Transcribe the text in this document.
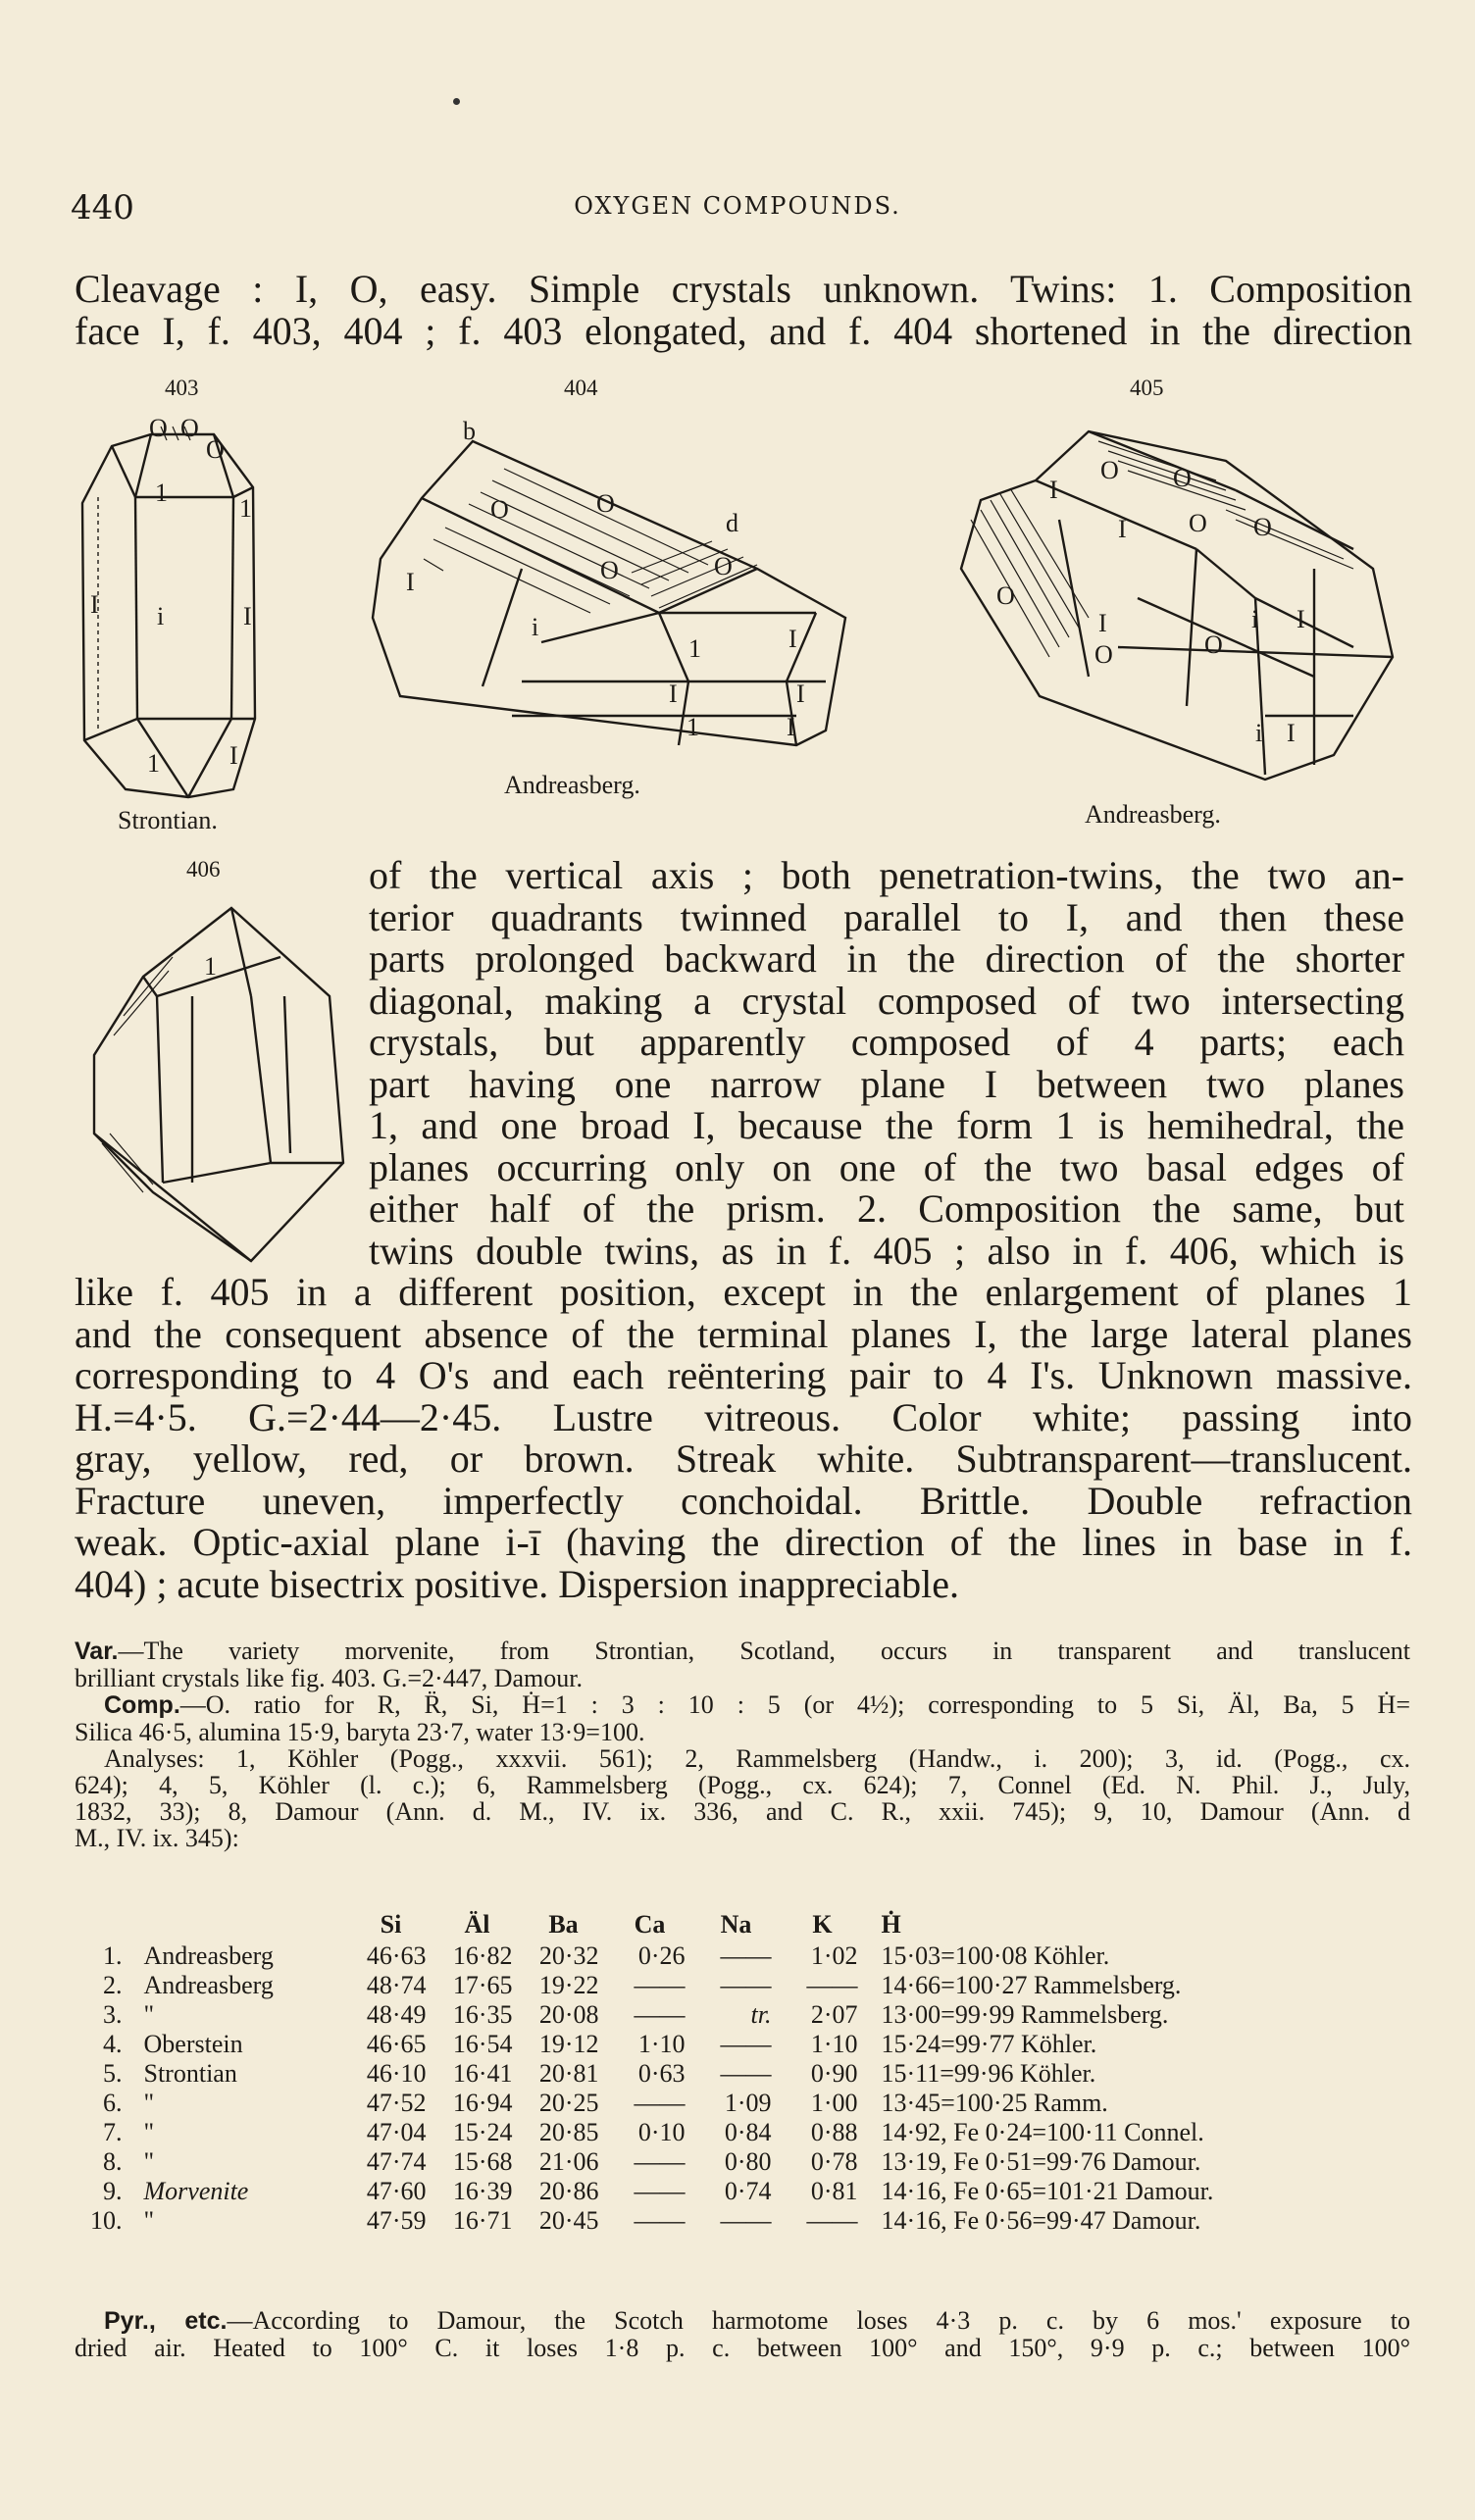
440	OXYGEN COMPOUNDS.
Cleavage : I, O, easy. Simple crystals unknown. Twins: 1. Composition
face I, f. 403, 404 ; f. 403 elongated, and f. 404 shortened in the direction
403	404	405
406
O O
O
1
1
I i	I
1	I
Strontian.
b
O	O
d
O	O
I
i
1	I
I	I
1	I
Andreasberg.
O O
I
I O O
O
I	i I
O	O
i I
Andreasberg.
1
of the vertical axis ; both penetration-twins, the two an-
terior quadrants twinned parallel to I, and then these
parts prolonged backward in the direction of the shorter
diagonal, making a crystal composed of two intersecting
crystals, but apparently composed of 4 parts; each
part having one narrow plane I between two planes
1, and one broad I, because the form 1 is hemihedral, the
planes occurring only on one of the two basal edges of
either half of the prism. 2. Composition the same, but
twins double twins, as in f. 405 ; also in f. 406, which is
like f. 405 in a different position, except in the enlargement of planes 1
and the consequent absence of the terminal planes I, the large lateral planes
corresponding to 4 O's and each reëntering pair to 4 I's. Unknown massive.
H.=4·5. G.=2·44—2·45. Lustre vitreous. Color white; passing into
gray, yellow, red, or brown. Streak white. Subtransparent—translucent.
Fracture uneven, imperfectly conchoidal. Brittle. Double refraction
weak. Optic-axial plane i-ī (having the direction of the lines in base in f.
404) ; acute bisectrix positive. Dispersion inappreciable.
Var.—The variety morvenite, from Strontian, Scotland, occurs in transparent and translucent
brilliant crystals like fig. 403. G.=2·447, Damour.
Comp.—O. ratio for R, R̈, Si, Ḣ=1 : 3 : 10 : 5 (or 4½); corresponding to 5 Si, Äl, Ba, 5 Ḣ=
Silica 46·5, alumina 15·9, baryta 23·7, water 13·9=100.
Analyses: 1, Köhler (Pogg., xxxvii. 561); 2, Rammelsberg (Handw., i. 200); 3, id. (Pogg., cx.
624); 4, 5, Köhler (l. c.); 6, Rammelsberg (Pogg., cx. 624); 7, Connel (Ed. N. Phil. J., July,
1832, 33); 8, Damour (Ann. d. M., IV. ix. 336, and C. R., xxii. 745); 9, 10, Damour (Ann. d
M., IV. ix. 345):
		Si	Äl	Ba	Ca	Na	K	Ḣ
1.	Andreasberg	46·63	16·82	20·32	0·26	——	1·02	15·03=100·08 Köhler.
2.	Andreasberg	48·74	17·65	19·22	——	——	——	14·66=100·27 Rammelsberg.
3.	"	48·49	16·35	20·08	——	tr.	2·07	13·00=99·99 Rammelsberg.
4.	Oberstein	46·65	16·54	19·12	1·10	——	1·10	15·24=99·77 Köhler.
5.	Strontian	46·10	16·41	20·81	0·63	——	0·90	15·11=99·96 Köhler.
6.	"	47·52	16·94	20·25	——	1·09	1·00	13·45=100·25 Ramm.
7.	"	47·04	15·24	20·85	0·10	0·84	0·88	14·92, Fe 0·24=100·11 Connel.
8.	"	47·74	15·68	21·06	——	0·80	0·78	13·19, Fe 0·51=99·76 Damour.
9.	Morvenite	47·60	16·39	20·86	——	0·74	0·81	14·16, Fe 0·65=101·21 Damour.
10.	"	47·59	16·71	20·45	——	——	——	14·16, Fe 0·56=99·47 Damour.
Pyr., etc.—According to Damour, the Scotch harmotome loses 4·3 p. c. by 6 mos.' exposure to
dried air. Heated to 100° C. it loses 1·8 p. c. between 100° and 150°, 9·9 p. c.; between 100°
